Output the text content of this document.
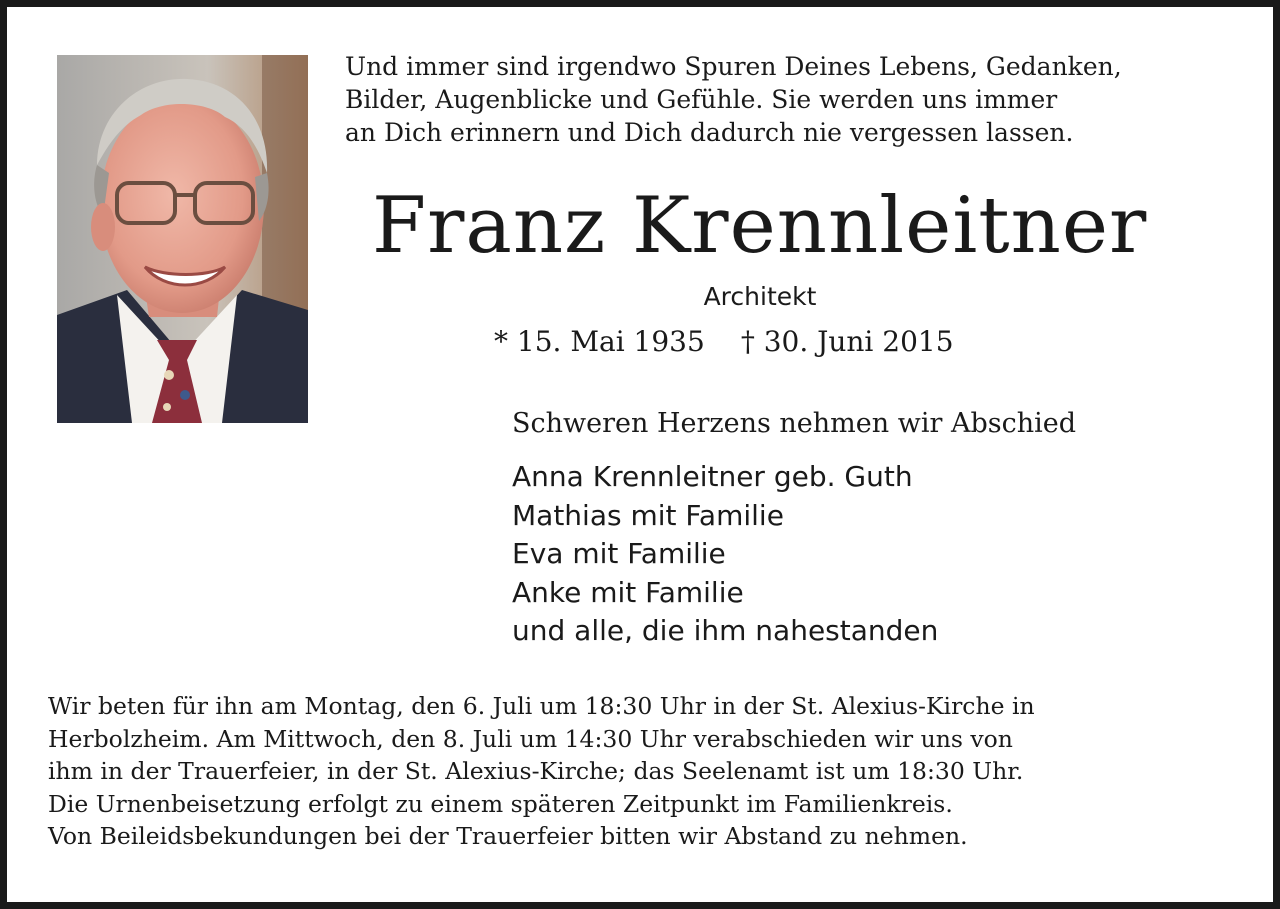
Und immer sind irgendwo Spuren Deines Lebens, Gedanken,
Bilder, Augenblicke und Gefühle. Sie werden uns immer
an Dich erinnern und Dich dadurch nie vergessen lassen.
Franz Krennleitner
Architekt
* 15. Mai 1935 † 30. Juni 2015
Schweren Herzens nehmen wir Abschied
Anna Krennleitner geb. Guth
Mathias mit Familie
Eva mit Familie
Anke mit Familie
und alle, die ihm nahestanden
Wir beten für ihn am Montag, den 6. Juli um 18:30 Uhr in der St. Alexius-Kirche in
Herbolzheim. Am Mittwoch, den 8. Juli um 14:30 Uhr verabschieden wir uns von
ihm in der Trauerfeier, in der St. Alexius-Kirche; das Seelenamt ist um 18:30 Uhr.
Die Urnenbeisetzung erfolgt zu einem späteren Zeitpunkt im Familienkreis.
Von Beileidsbekundungen bei der Trauerfeier bitten wir Abstand zu nehmen.
